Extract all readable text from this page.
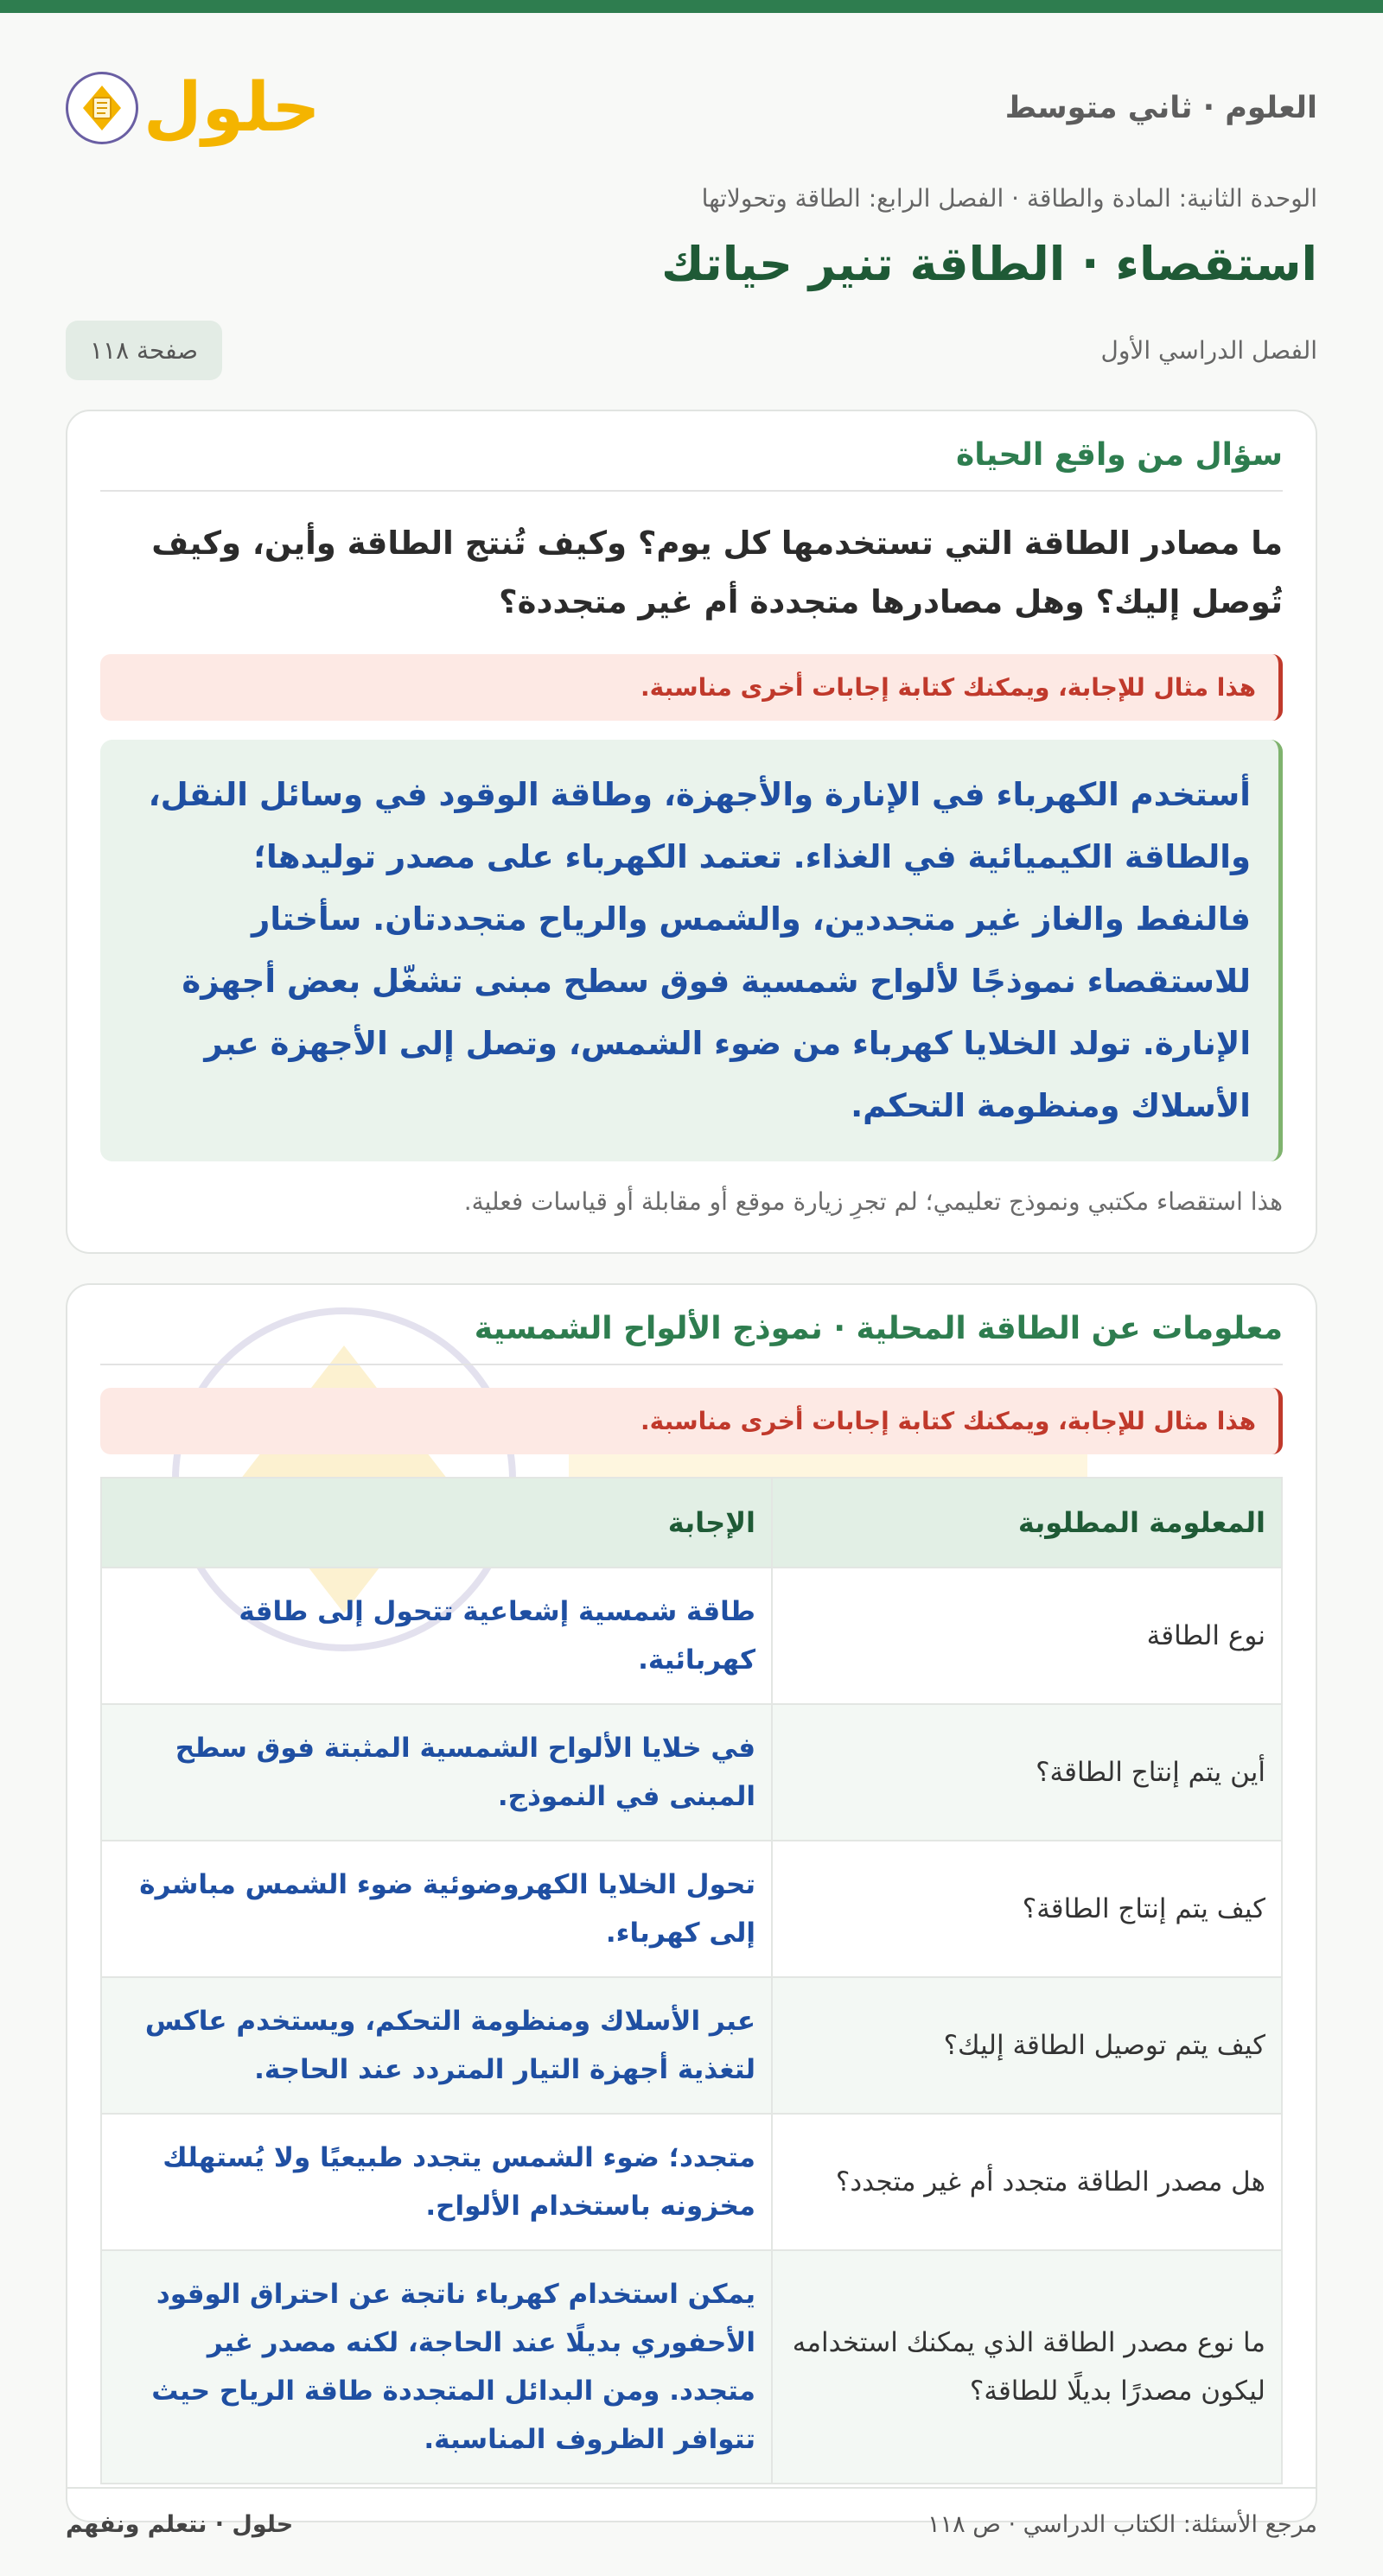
العلوم · ثاني متوسط
حلول
الوحدة الثانية: المادة والطاقة · الفصل الرابع: الطاقة وتحولاتها
استقصاء · الطاقة تنير حياتك
الفصل الدراسي الأول
صفحة ١١٨
سؤال من واقع الحياة

ما مصادر الطاقة التي تستخدمها كل يوم؟ وكيف تُنتج الطاقة وأين، وكيف تُوصل إليك؟ وهل مصادرها متجددة أم غير متجددة؟

هذا مثال للإجابة، ويمكنك كتابة إجابات أخرى مناسبة.
أستخدم الكهرباء في الإنارة والأجهزة، وطاقة الوقود في وسائل النقل، والطاقة الكيميائية في الغذاء. تعتمد الكهرباء على مصدر توليدها؛ فالنفط والغاز غير متجددين، والشمس والرياح متجددتان. سأختار للاستقصاء نموذجًا لألواح شمسية فوق سطح مبنى تشغّل بعض أجهزة الإنارة. تولد الخلايا كهرباء من ضوء الشمس، وتصل إلى الأجهزة عبر الأسلاك ومنظومة التحكم.

هذا استقصاء مكتبي ونموذج تعليمي؛ لم تجرِ زيارة موقع أو مقابلة أو قياسات فعلية.

معلومات عن الطاقة المحلية · نموذج الألواح الشمسية
هذا مثال للإجابة، ويمكنك كتابة إجابات أخرى مناسبة.
المعلومة المطلوبة	الإجابة
نوع الطاقة	طاقة شمسية إشعاعية تتحول إلى طاقة كهربائية.
أين يتم إنتاج الطاقة؟	في خلايا الألواح الشمسية المثبتة فوق سطح المبنى في النموذج.
كيف يتم إنتاج الطاقة؟	تحول الخلايا الكهروضوئية ضوء الشمس مباشرة إلى كهرباء.
كيف يتم توصيل الطاقة إليك؟	عبر الأسلاك ومنظومة التحكم، ويستخدم عاكس لتغذية أجهزة التيار المتردد عند الحاجة.
هل مصدر الطاقة متجدد أم غير متجدد؟	متجدد؛ ضوء الشمس يتجدد طبيعيًا ولا يُستهلك مخزونه باستخدام الألواح.
ما نوع مصدر الطاقة الذي يمكنك استخدامه ليكون مصدرًا بديلًا للطاقة؟	يمكن استخدام كهرباء ناتجة عن احتراق الوقود الأحفوري بديلًا عند الحاجة، لكنه مصدر غير متجدد. ومن البدائل المتجددة طاقة الرياح حيث تتوافر الظروف المناسبة.
مرجع الأسئلة: الكتاب الدراسي · ص ١١٨
حلول · نتعلم ونفهم
